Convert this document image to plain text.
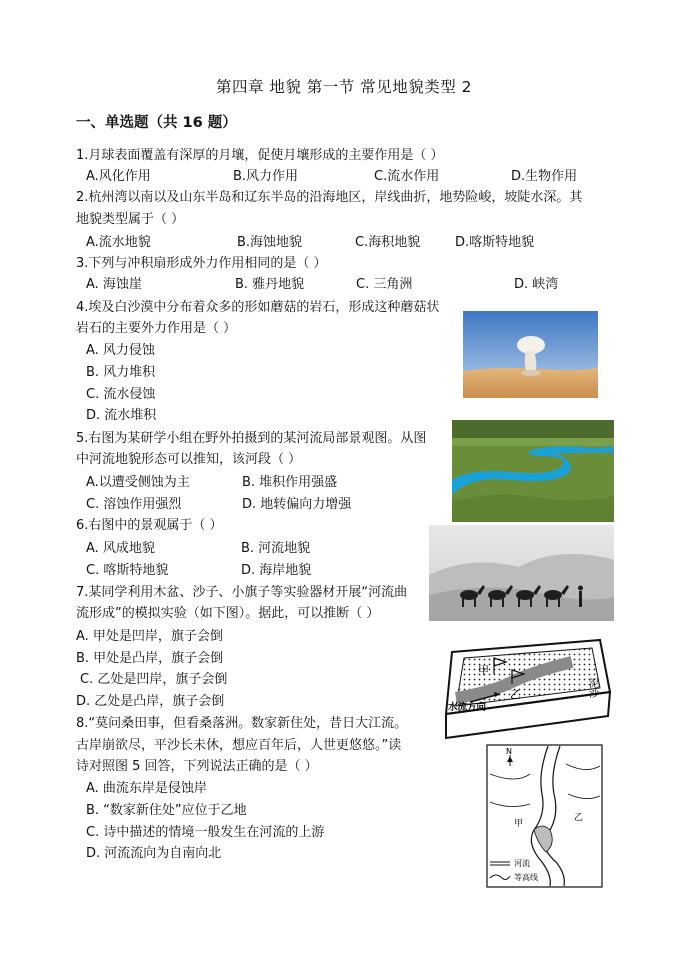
第四章 地貌 第一节 常见地貌类型 2
一、单选题（共 16 题）
1.月球表面覆盖有深厚的月壤，促使月壤形成的主要作用是（ ）
A.风化作用	B.风力作用	C.流水作用	D.生物作用
2.杭州湾以南以及山东半岛和辽东半岛的沿海地区，岸线曲折，地势险峻，坡陡水深。其
地貌类型属于（ ）
A.流水地貌	B.海蚀地貌	C.海积地貌	D.喀斯特地貌
3.下列与冲积扇形成外力作用相同的是（ ）
A. 海蚀崖	B. 雅丹地貌	C. 三角洲	D. 峡湾
4.埃及白沙漠中分布着众多的形如蘑菇的岩石，形成这种蘑菇状
岩石的主要外力作用是（ ）
A. 风力侵蚀
B. 风力堆积
C. 流水侵蚀
D. 流水堆积
5.右图为某研学小组在野外拍摄到的某河流局部景观图。从图
中河流地貌形态可以推知，该河段（ ）
A.以遭受侧蚀为主	B. 堆积作用强盛
C. 溶蚀作用强烈	D. 地转偏向力增强
6.右图中的景观属于（ ）
A. 风成地貌	B. 河流地貌
C. 喀斯特地貌	D. 海岸地貌
7.某同学利用木盆、沙子、小旗子等实验器材开展“河流曲
流形成”的模拟实验（如下图）。据此，可以推断（ ）
A. 甲处是凹岸，旗子会倒
B. 甲处是凸岸，旗子会倒
C. 乙处是凹岸，旗子会倒
D. 乙处是凸岸，旗子会倒
甲
乙
水流方向
泥沙
8.“莫问桑田事，但看桑落洲。数家新住处，昔日大江流。
古岸崩欲尽，平沙长未休，想应百年后，人世更悠悠。”读
诗对照图 5 回答，下列说法正确的是（ ）
A. 曲流东岸是侵蚀岸
B. “数家新住处”应位于乙地
C. 诗中描述的情境一般发生在河流的上游
D. 河流流向为自南向北
N
甲
乙
河流
等高线
